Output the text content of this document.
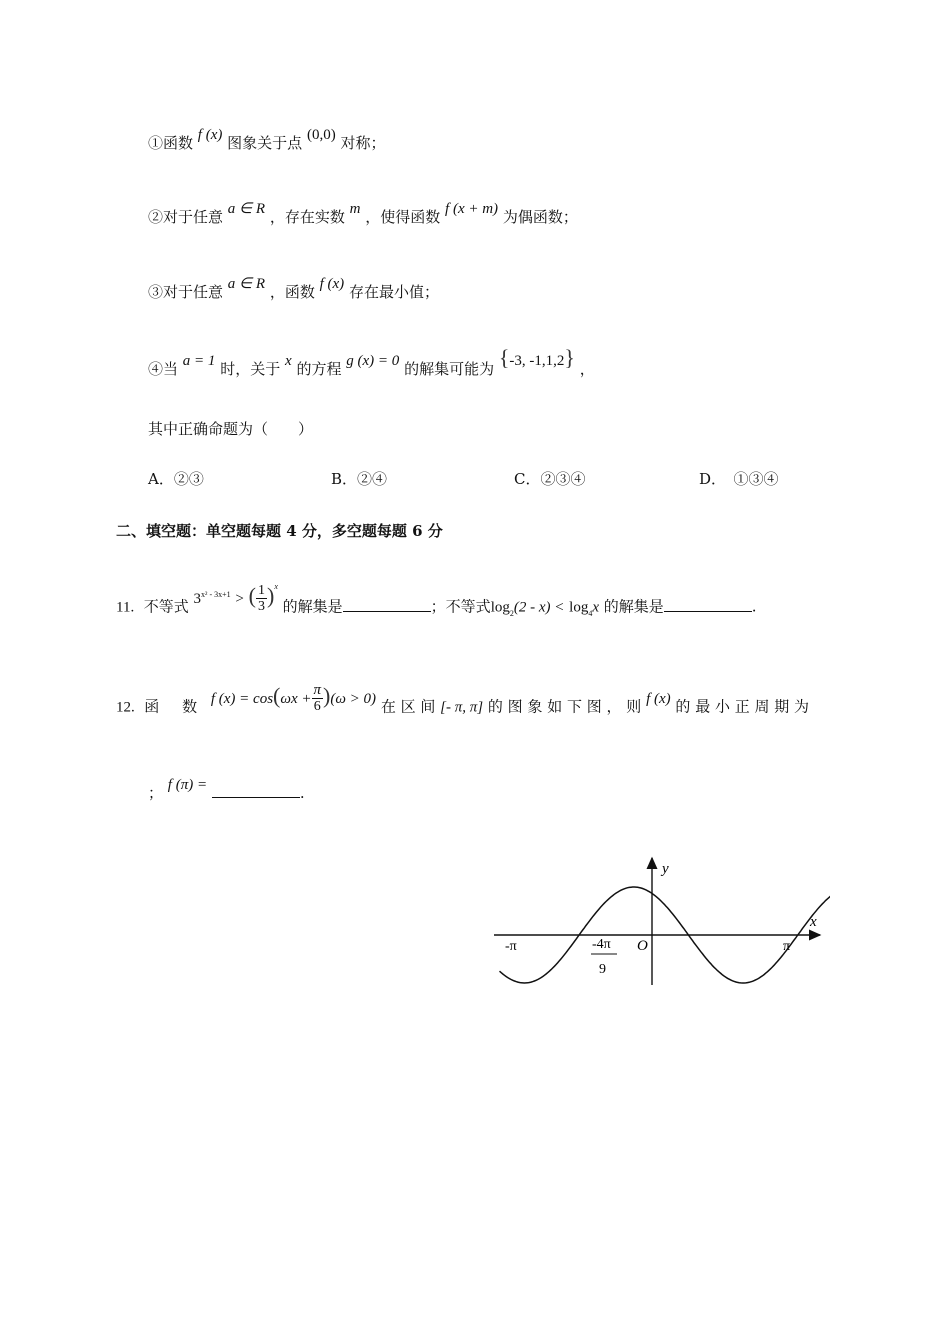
①函数 f (x) 图象关于点 (0,0) 对称；
②对于任意 a ∈ R ，存在实数 m ，使得函数 f (x + m) 为偶函数；
③对于任意 a ∈ R ，函数 f (x) 存在最小值；
④当 a = 1 时，关于 x 的方程 g (x) = 0 的解集可能为 {-3, -1,1,2} ，
其中正确命题为（　　）
A．②③	B．②④	C．②③④	D．　①③④
二、填空题：单空题每题 4 分，多空题每题 6 分
11. 不等式 $3^{x^2 - 3x+1}$ > ( $\frac{1}{3} )^x$ 的解集是	；不等式$\log_2(2 - x) < \log_4x$ 的解集是	.
12. 函 数 f $(x) = \cos(\omega x + \frac{\pi}{6} )(\omega > 0)$ 在 区 间 [- π, π] 的 图 象 如 下 图 ， 则 f (x) 的 最 小 正 周 期 为
； f (π) =	.
y
x
O
-π	π
-4π
9
